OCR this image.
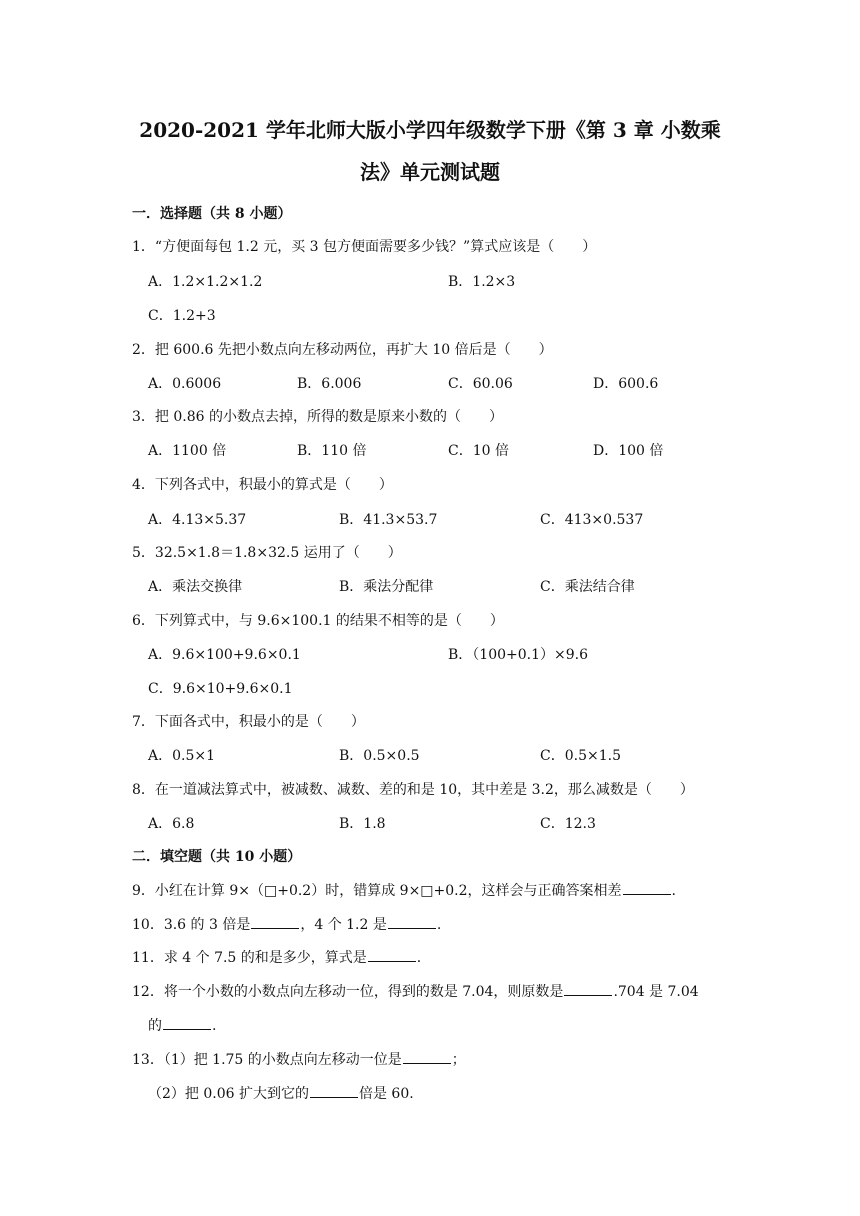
2020-2021 学年北师大版小学四年级数学下册《第 3 章 小数乘
法》单元测试题
一．选择题（共 8 小题）
1．“方便面每包 1.2 元，买 3 包方便面需要多少钱？”算式应该是（　　）
A．1.2×1.2×1.2	B．1.2×3
C．1.2+3
2．把 600.6 先把小数点向左移动两位，再扩大 10 倍后是（　　）
A．0.6006	B．6.006	C．60.06	D．600.6
3．把 0.86 的小数点去掉，所得的数是原来小数的（　　）
A．1100 倍	B．110 倍	C．10 倍	D．100 倍
4．下列各式中，积最小的算式是（　　）
A．4.13×5.37	B．41.3×53.7	C．413×0.537
5．32.5×1.8＝1.8×32.5 运用了（　　）
A．乘法交换律	B．乘法分配律	C．乘法结合律
6．下列算式中，与 9.6×100.1 的结果不相等的是（　　）
A．9.6×100+9.6×0.1	B．（100+0.1）×9.6
C．9.6×10+9.6×0.1
7．下面各式中，积最小的是（　　）
A．0.5×1	B．0.5×0.5	C．0.5×1.5
8．在一道减法算式中，被减数、减数、差的和是 10，其中差是 3.2，那么减数是（　　）
A．6.8	B．1.8	C．12.3
二．填空题（共 10 小题）
9．小红在计算 9×（□+0.2）时，错算成 9×□+0.2，这样会与正确答案相差	.
10．3.6 的 3 倍是	，4 个 1.2 是	.
11．求 4 个 7.5 的和是多少，算式是	.
12．将一个小数的小数点向左移动一位，得到的数是 7.04，则原数是	.704 是 7.04
的	.
13．（1）把 1.75 的小数点向左移动一位是	；
（2）把 0.06 扩大到它的	倍是 60.
